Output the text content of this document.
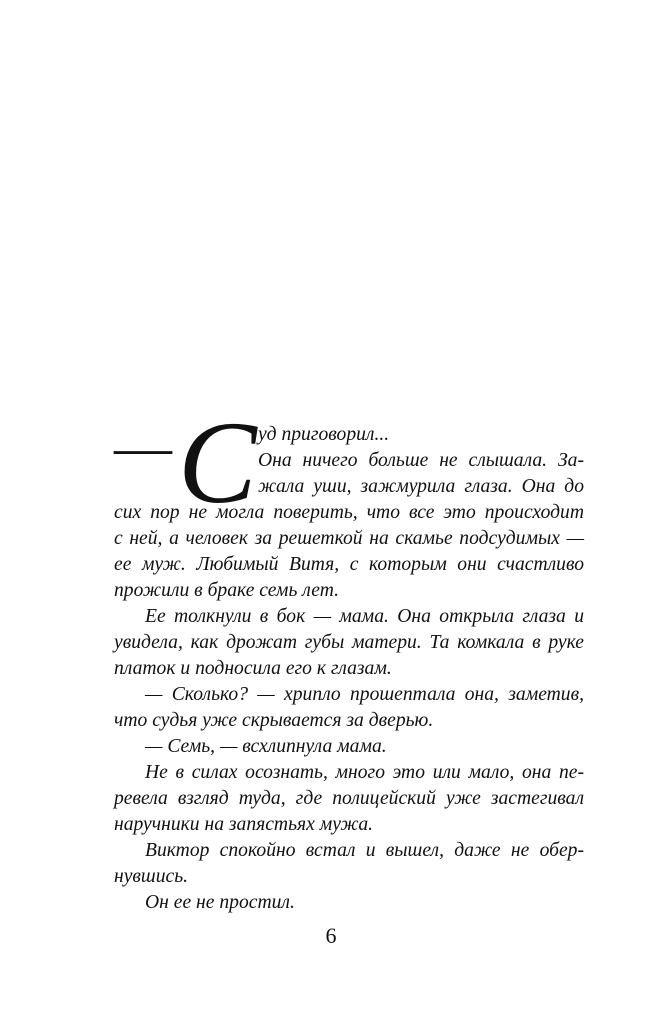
— С уд приговорил...
Она ничего больше не слышала. За-
жала уши, зажмурила глаза. Она до
сих пор не могла поверить, что все это происходит
с ней, а человек за решеткой на скамье подсудимых —
ее муж. Любимый Витя, с которым они счастливо
прожили в браке семь лет.
Ее толкнули в бок — мама. Она открыла глаза и
увидела, как дрожат губы матери. Та комкала в руке
платок и подносила его к глазам.
— Сколько? — хрипло прошептала она, заметив,
что судья уже скрывается за дверью.
— Семь, — всхлипнула мама.
Не в силах осознать, много это или мало, она пе-
ревела взгляд туда, где полицейский уже застегивал
наручники на запястьях мужа.
Виктор спокойно встал и вышел, даже не обер-
нувшись.
Он ее не простил.
6
